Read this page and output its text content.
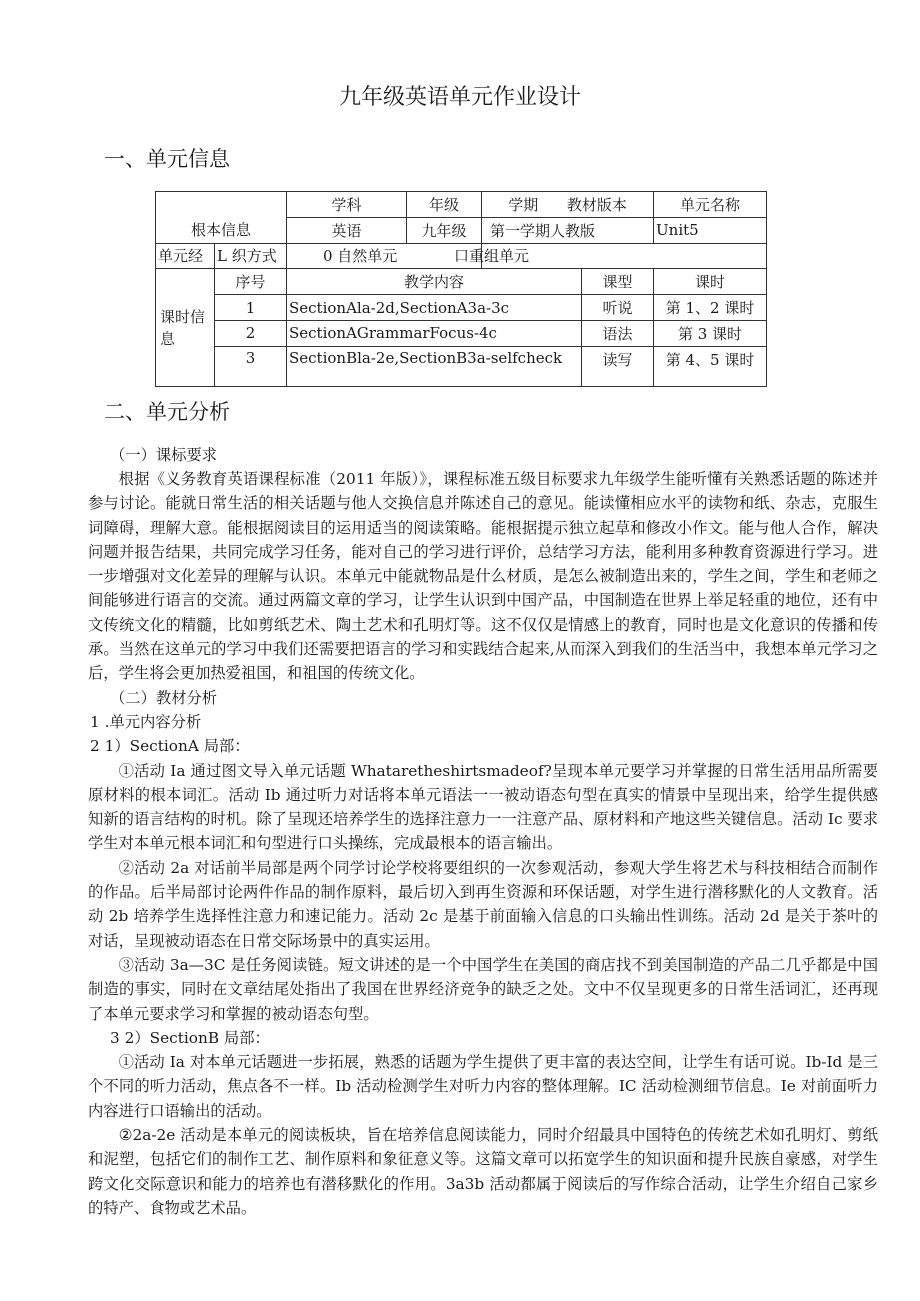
九年级英语单元作业设计
一、单元信息
		学科	年级	学期 教材版本		单元名称
根本信息		英语	九年级	第一学期人教版		Unit5
单元经	L 织方式	0 自然单元		口重组单元		
课时信息	序号	教学内容			课型	课时
	1	SectionAla-2d,SectionA3a-3c			听说	第 1、2 课时
	2	SectionAGrammarFocus-4c			语法	第 3 课时
	3	SectionBla-2e,SectionB3a-selfcheck			读写	第 4、5 课时
二、单元分析
（一）课标要求

根据《义务教育英语课程标准（2011 年版）》，课程标准五级目标要求九年级学生能听懂有关熟悉话题的陈述并参与讨论。能就日常生活的相关话题与他人交换信息并陈述自己的意见。能读懂相应水平的读物和纸、杂志，克服生词障碍，理解大意。能根据阅读目的运用适当的阅读策略。能根据提示独立起草和修改小作文。能与他人合作，解决问题并报告结果，共同完成学习任务，能对自己的学习进行评价，总结学习方法，能利用多种教育资源进行学习。进一步增强对文化差异的理解与认识。本单元中能就物品是什么材质，是怎么被制造出来的，学生之间，学生和老师之间能够进行语言的交流。通过两篇文章的学习，让学生认识到中国产品，中国制造在世界上举足轻重的地位，还有中文传统文化的精髓，比如剪纸艺术、陶土艺术和孔明灯等。这不仅仅是情感上的教育，同时也是文化意识的传播和传承。当然在这单元的学习中我们还需要把语言的学习和实践结合起来,从而深入到我们的生活当中，我想本单元学习之后，学生将会更加热爱祖国，和祖国的传统文化。

（二）教材分析

1 .单元内容分析

2 1）SectionA 局部：

①活动 Ia 通过图文导入单元话题 Whataretheshirtsmadeof?呈现本单元要学习并掌握的日常生活用品所需要原材料的根本词汇。活动 Ib 通过听力对话将本单元语法一一被动语态句型在真实的情景中呈现出来，给学生提供感知新的语言结构的时机。除了呈现还培养学生的选择注意力一一注意产品、原材料和产地这些关键信息。活动 Ic 要求学生对本单元根本词汇和句型进行口头操练，完成最根本的语言输出。

②活动 2a 对话前半局部是两个同学讨论学校将要组织的一次参观活动，参观大学生将艺术与科技相结合而制作的作品。后半局部讨论两件作品的制作原料，最后切入到再生资源和环保话题，对学生进行潜移默化的人文教育。活动 2b 培养学生选择性注意力和速记能力。活动 2c 是基于前面输入信息的口头输出性训练。活动 2d 是关于茶叶的对话，呈现被动语态在日常交际场景中的真实运用。

③活动 3a—3C 是任务阅读链。短文讲述的是一个中国学生在美国的商店找不到美国制造的产品二几乎都是中国制造的事实，同时在文章结尾处指出了我国在世界经济竞争的缺乏之处。文中不仅呈现更多的日常生活词汇，还再现了本单元要求学习和掌握的被动语态句型。

3 2）SectionB 局部：

①活动 Ia 对本单元话题进一步拓展，熟悉的话题为学生提供了更丰富的表达空间，让学生有话可说。Ib-Id 是三个不同的听力活动，焦点各不一样。Ib 活动检测学生对听力内容的整体理解。IC 活动检测细节信息。Ie 对前面听力内容进行口语输出的活动。

②2a-2e 活动是本单元的阅读板块，旨在培养信息阅读能力，同时介绍最具中国特色的传统艺术如孔明灯、剪纸和泥塑，包括它们的制作工艺、制作原料和象征意义等。这篇文章可以拓宽学生的知识面和提升民族自豪感，对学生跨文化交际意识和能力的培养也有潜移默化的作用。3a3b 活动都属于阅读后的写作综合活动，让学生介绍自己家乡的特产、食物或艺术品。
